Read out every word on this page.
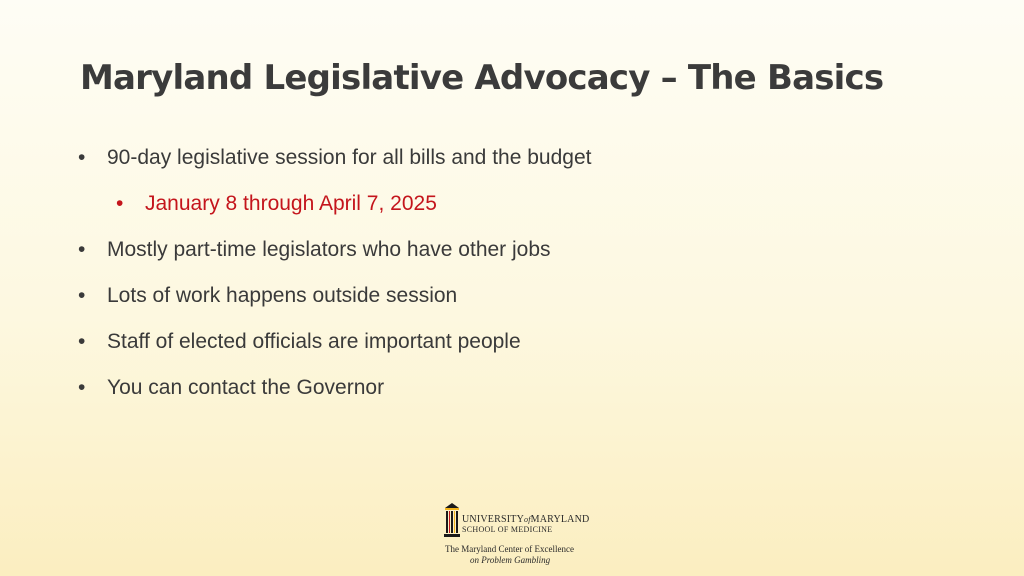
Maryland Legislative Advocacy – The Basics
• 90-day legislative session for all bills and the budget
• January 8 through April 7, 2025
• Mostly part-time legislators who have other jobs
• Lots of work happens outside session
• Staff of elected officials are important people
• You can contact the Governor
UNIVERSITYofMARYLAND
SCHOOL OF MEDICINE
The Maryland Center of Excellence
on Problem Gambling
